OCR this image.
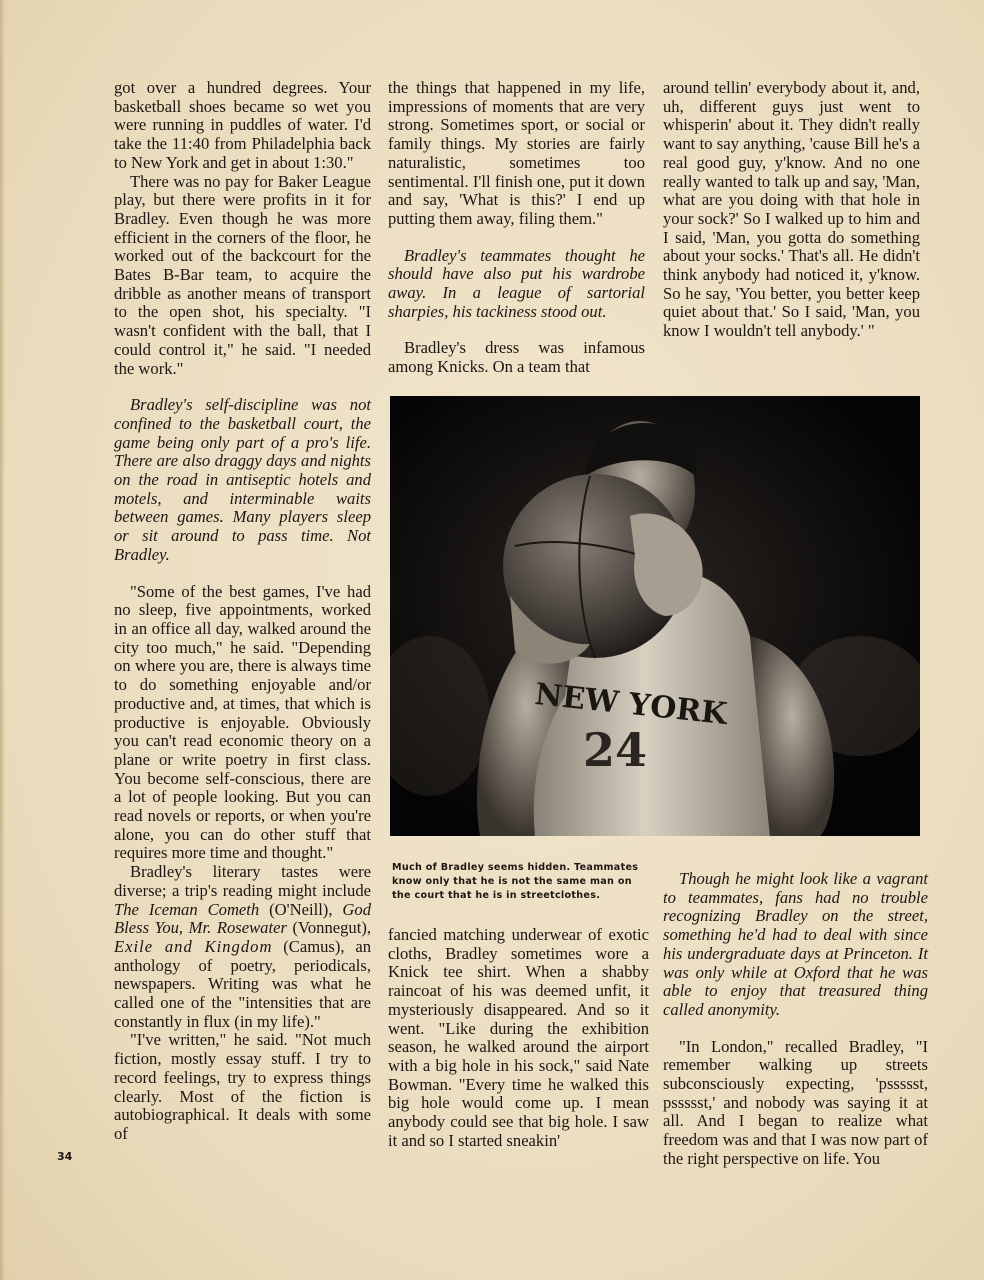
got over a hundred degrees. Your basketball shoes became so wet you were running in puddles of water. I'd take the 11:40 from Philadelphia back to New York and get in about 1:30."

There was no pay for Baker League play, but there were profits in it for Bradley. Even though he was more efficient in the corners of the floor, he worked out of the backcourt for the Bates B-Bar team, to acquire the dribble as another means of transport to the open shot, his specialty. "I wasn't confident with the ball, that I could control it," he said. "I needed the work."

Bradley's self-discipline was not confined to the basketball court, the game being only part of a pro's life. There are also draggy days and nights on the road in antiseptic hotels and motels, and interminable waits between games. Many players sleep or sit around to pass time. Not Bradley.

"Some of the best games, I've had no sleep, five appointments, worked in an office all day, walked around the city too much," he said. "Depending on where you are, there is always time to do something enjoyable and/or productive and, at times, that which is productive is enjoyable. Obviously you can't read economic theory on a plane or write poetry in first class. You become self-conscious, there are a lot of people looking. But you can read novels or reports, or when you're alone, you can do other stuff that requires more time and thought."

Bradley's literary tastes were diverse; a trip's reading might include The Iceman Cometh (O'Neill), God Bless You, Mr. Rosewater (Vonnegut), Exile and Kingdom (Camus), an anthology of poetry, periodicals, newspapers. Writing was what he called one of the "intensities that are constantly in flux (in my life)."

"I've written," he said. "Not much fiction, mostly essay stuff. I try to record feelings, try to express things clearly. Most of the fiction is autobiographical. It deals with some of

the things that happened in my life, impressions of moments that are very strong. Sometimes sport, or social or family things. My stories are fairly naturalistic, sometimes too sentimental. I'll finish one, put it down and say, 'What is this?' I end up putting them away, filing them."

Bradley's teammates thought he should have also put his wardrobe away. In a league of sartorial sharpies, his tackiness stood out.

Bradley's dress was infamous among Knicks. On a team that

around tellin' everybody about it, and, uh, different guys just went to whisperin' about it. They didn't really want to say anything, 'cause Bill he's a real good guy, y'know. And no one really wanted to talk up and say, 'Man, what are you doing with that hole in your sock?' So I walked up to him and I said, 'Man, you gotta do something about your socks.' That's all. He didn't think anybody had noticed it, y'know. So he say, 'You better, you better keep quiet about that.' So I said, 'Man, you know I wouldn't tell anybody.' "

NEW YORK
24
Much of Bradley seems hidden. Teammates know only that he is not the same man on the court that he is in streetclothes.

fancied matching underwear of exotic cloths, Bradley sometimes wore a Knick tee shirt. When a shabby raincoat of his was deemed unfit, it mysteriously disappeared. And so it went. "Like during the exhibition season, he walked around the airport with a big hole in his sock," said Nate Bowman. "Every time he walked this big hole would come up. I mean anybody could see that big hole. I saw it and so I started sneakin'

Though he might look like a vagrant to teammates, fans had no trouble recognizing Bradley on the street, something he'd had to deal with since his undergraduate days at Princeton. It was only while at Oxford that he was able to enjoy that treasured thing called anonymity.

"In London," recalled Bradley, "I remember walking up streets subconsciously expecting, 'pssssst, pssssst,' and nobody was saying it at all. And I began to realize what freedom was and that I was now part of the right perspective on life. You

34
